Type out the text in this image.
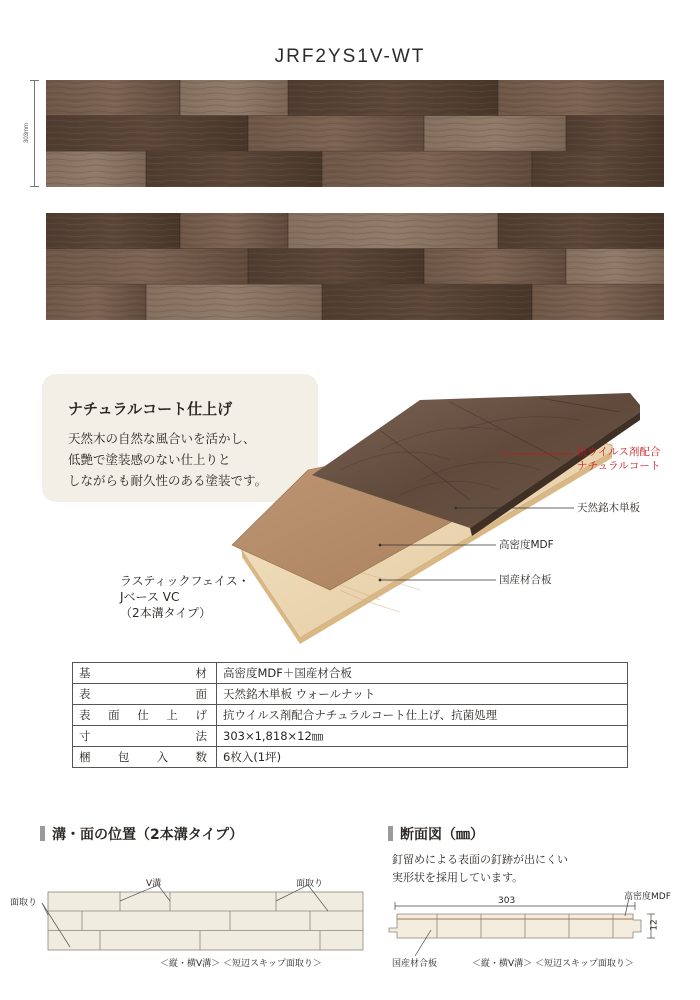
JRF2YS1V-WT
303mm
ナチュラルコート仕上げ
天然木の自然な風合いを活かし、
低艶で塗装感のない仕上りと
しながらも耐久性のある塗装です。
抗ウイルス剤配合
ナチュラルコート
天然銘木単板
高密度MDF
国産材合板
ラスティックフェイス・
Jベース VC
（2本溝タイプ）
基材	高密度MDF＋国産材合板

表面	天然銘木単板 ウォールナット

表面仕上げ	抗ウイルス剤配合ナチュラルコート仕上げ、抗菌処理

寸法	303×1,818×12㎜

梱包入数	6枚入(1坪)
溝・面の位置（2本溝タイプ）
V溝	面取り
面取り
＜縦・横V溝＞ ＜短辺スキップ面取り＞
断面図（㎜）
釘留めによる表面の釘跡が出にくい
実形状を採用しています。
高密度MDF
303
12
国産材合板	＜縦・横V溝＞ ＜短辺スキップ面取り＞
